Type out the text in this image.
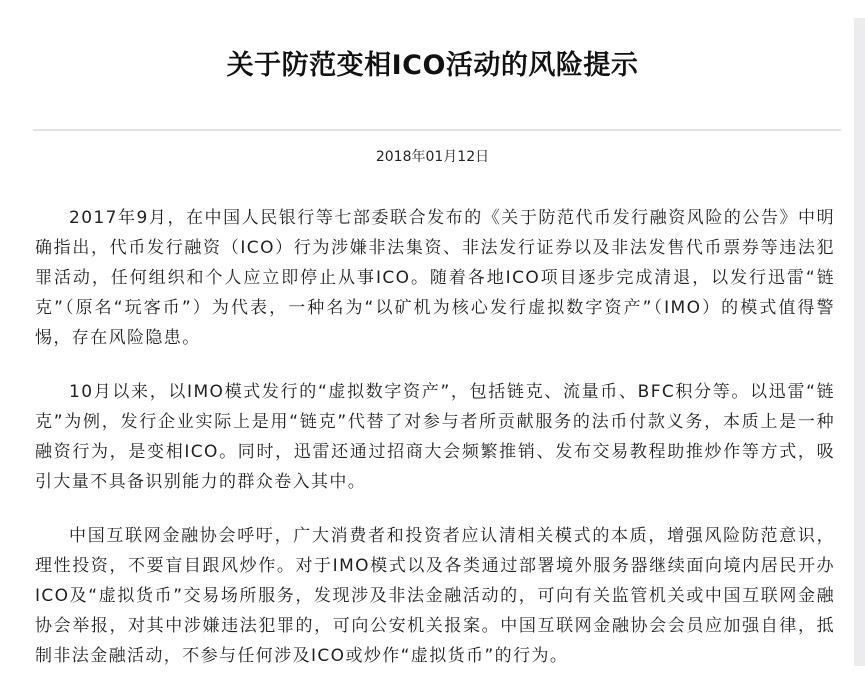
关于防范变相ICO活动的风险提示
2018年01月12日

2017年9月，在中国人民银行等七部委联合发布的《关于防范代币发行融资风险的公告》中明确指出，代币发行融资（ICO）行为涉嫌非法集资、非法发行证券以及非法发售代币票券等违法犯罪活动，任何组织和个人应立即停止从事ICO。随着各地ICO项目逐步完成清退，以发行迅雷“链克”（原名“玩客币”）为代表，一种名为“以矿机为核心发行虚拟数字资产”（IMO）的模式值得警惕，存在风险隐患。

10月以来，以IMO模式发行的“虚拟数字资产”，包括链克、流量币、BFC积分等。以迅雷“链克”为例，发行企业实际上是用“链克”代替了对参与者所贡献服务的法币付款义务，本质上是一种融资行为，是变相ICO。同时，迅雷还通过招商大会频繁推销、发布交易教程助推炒作等方式，吸引大量不具备识别能力的群众卷入其中。

中国互联网金融协会呼吁，广大消费者和投资者应认清相关模式的本质，增强风险防范意识，理性投资，不要盲目跟风炒作。对于IMO模式以及各类通过部署境外服务器继续面向境内居民开办ICO及“虚拟货币”交易场所服务，发现涉及非法金融活动的，可向有关监管机关或中国互联网金融协会举报，对其中涉嫌违法犯罪的，可向公安机关报案。中国互联网金融协会会员应加强自律，抵制非法金融活动，不参与任何涉及ICO或炒作“虚拟货币”的行为。
